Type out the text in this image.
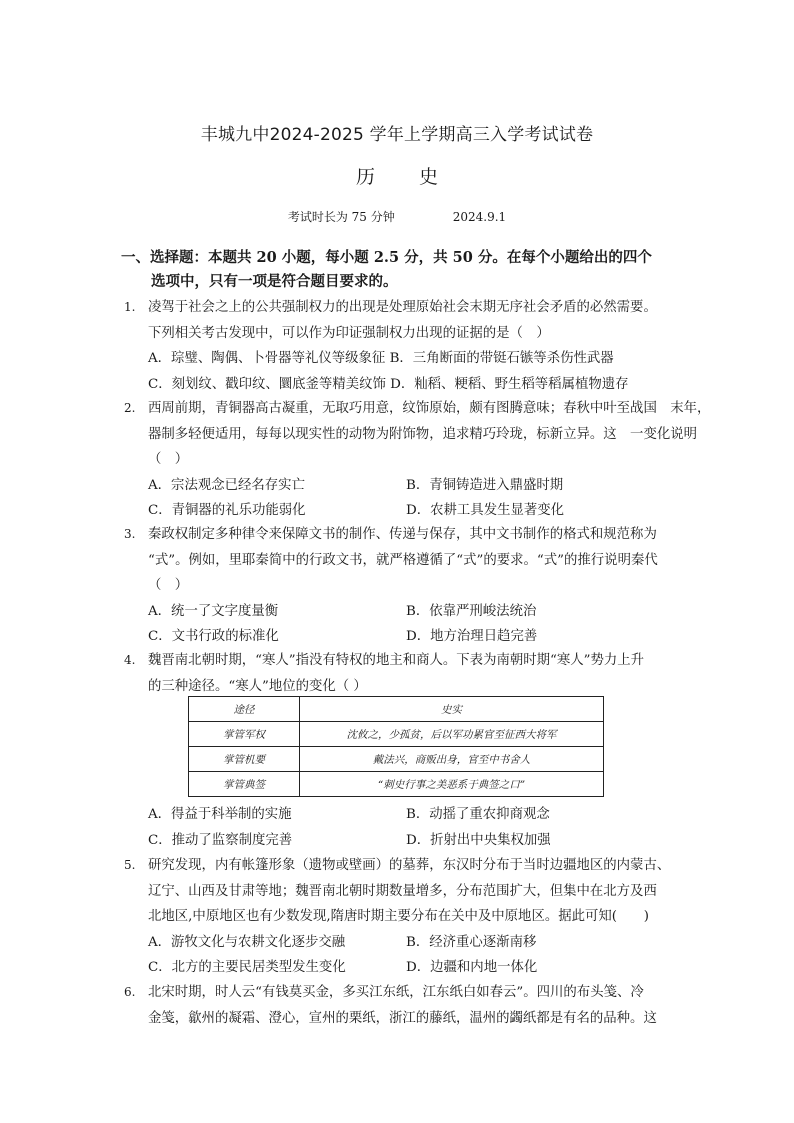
丰城九中2024-2025 学年上学期高三入学考试试卷
历史
考试时长为 75 分钟	2024.9.1
一、选择题：本题共 20 小题，每小题 2.5 分，共 50 分。在每个小题给出的四个
选项中，只有一项是符合题目要求的。
1. 凌驾于社会之上的公共强制权力的出现是处理原始社会末期无序社会矛盾的必然需要。
下列相关考古发现中，可以作为印证强制权力出现的证据的是（　）
A．琮璧、陶偶、卜骨器等礼仪等级象征 B．三角断面的带铤石镞等杀伤性武器
C．刻划纹、戳印纹、圜底釜等精美纹饰 D．籼稻、粳稻、野生稻等稻属植物遗存
2. 西周前期，青铜器高古凝重，无取巧用意，纹饰原始，颇有图腾意味；春秋中叶至战国　末年，
器制多轻便适用，每每以现实性的动物为附饰物，追求精巧玲珑，标新立异。这　一变化说明
（　）
A．宗法观念已经名存实亡	B．青铜铸造进入鼎盛时期
C．青铜器的礼乐功能弱化	D．农耕工具发生显著变化
3. 秦政权制定多种律令来保障文书的制作、传递与保存，其中文书制作的格式和规范称为
“式”。例如，里耶秦简中的行政文书，就严格遵循了“式”的要求。“式”的推行说明秦代
（　）
A．统一了文字度量衡	B．依靠严刑峻法统治
C．文书行政的标准化	D．地方治理日趋完善
4. 魏晋南北朝时期，“寒人”指没有特权的地主和商人。下表为南朝时期“寒人”势力上升
的三种途径。“寒人”地位的变化（ ）
途径	史实
掌管军权	沈攸之，少孤贫，后以军功累官至征西大将军
掌管机要	戴法兴，商贩出身，官至中书舍人
掌管典签	“刺史行事之美恶系于典签之口”
A．得益于科举制的实施	B．动摇了重农抑商观念
C．推动了监察制度完善	D．折射出中央集权加强
5. 研究发现，内有帐篷形象（遗物或壁画）的墓葬，东汉时分布于当时边疆地区的内蒙古、
辽宁、山西及甘肃等地；魏晋南北朝时期数量增多，分布范围扩大，但集中在北方及西
北地区,中原地区也有少数发现,隋唐时期主要分布在关中及中原地区。据此可知(　　)
A．游牧文化与农耕文化逐步交融	B．经济重心逐渐南移
C．北方的主要民居类型发生变化	D．边疆和内地一体化
6. 北宋时期，时人云“有钱莫买金，多买江东纸，江东纸白如春云”。四川的布头笺、冷
金笺，歙州的凝霜、澄心，宣州的栗纸，浙江的藤纸，温州的蠲纸都是有名的品种。这
